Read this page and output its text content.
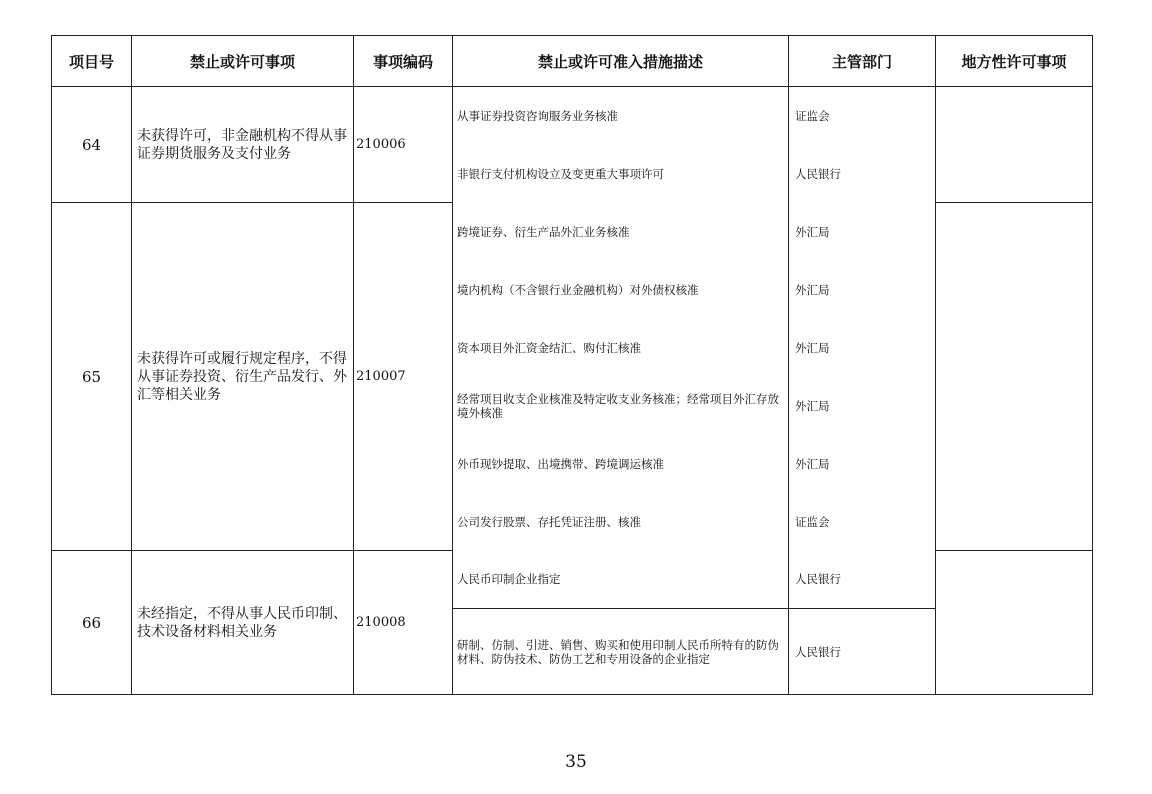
项目号	禁止或许可事项	事项编码	禁止或许可准入措施描述	主管部门	地方性许可事项
64	未获得许可，非金融机构不得从事证券期货服务及支付业务	210006	从事证券投资咨询服务业务核准	证监会	
			非银行支付机构设立及变更重大事项许可	人民银行	
65	未获得许可或履行规定程序，不得从事证券投资、衍生产品发行、外汇等相关业务	210007	跨境证券、衍生产品外汇业务核准	外汇局	
			境内机构（不含银行业金融机构）对外债权核准	外汇局	
			资本项目外汇资金结汇、购付汇核准	外汇局	
			经常项目收支企业核准及特定收支业务核准；经常项目外汇存放境外核准	外汇局	
			外币现钞提取、出境携带、跨境调运核准	外汇局	
			公司发行股票、存托凭证注册、核准	证监会	
66	未经指定，不得从事人民币印制、技术设备材料相关业务	210008	人民币印制企业指定	人民银行	
			研制、仿制、引进、销售、购买和使用印制人民币所特有的防伪材料、防伪技术、防伪工艺和专用设备的企业指定	人民银行	
35
